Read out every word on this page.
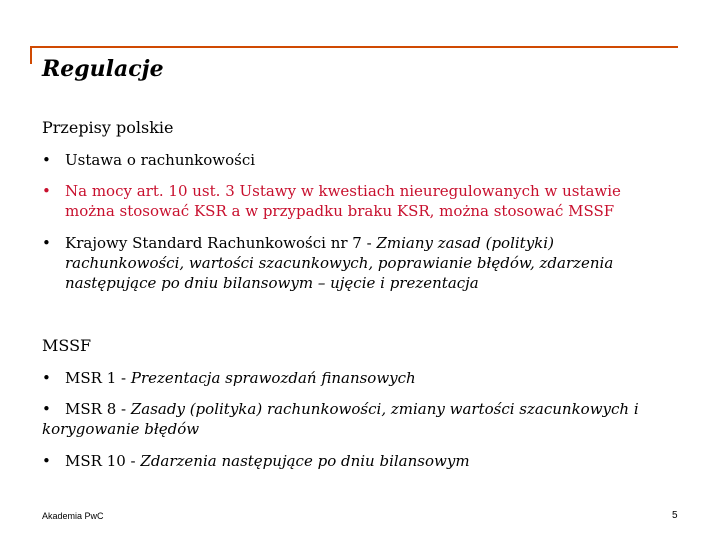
Regulacje
Przepisy polskie
• Ustawa o rachunkowości
• Na mocy art. 10 ust. 3 Ustawy w kwestiach nieuregulowanych w ustawie można stosować KSR a w przypadku braku KSR, można stosować MSSF
• Krajowy Standard Rachunkowości nr 7 - Zmiany zasad (polityki) rachunkowości, wartości szacunkowych, poprawianie błędów, zdarzenia następujące po dniu bilansowym – ujęcie i prezentacja
MSSF
• MSR 1 - Prezentacja sprawozdań finansowych
• MSR 8 - Zasady (polityka) rachunkowości, zmiany wartości szacunkowych i korygowanie błędów
• MSR 10 - Zdarzenia następujące po dniu bilansowym
Akademia PwC	5
